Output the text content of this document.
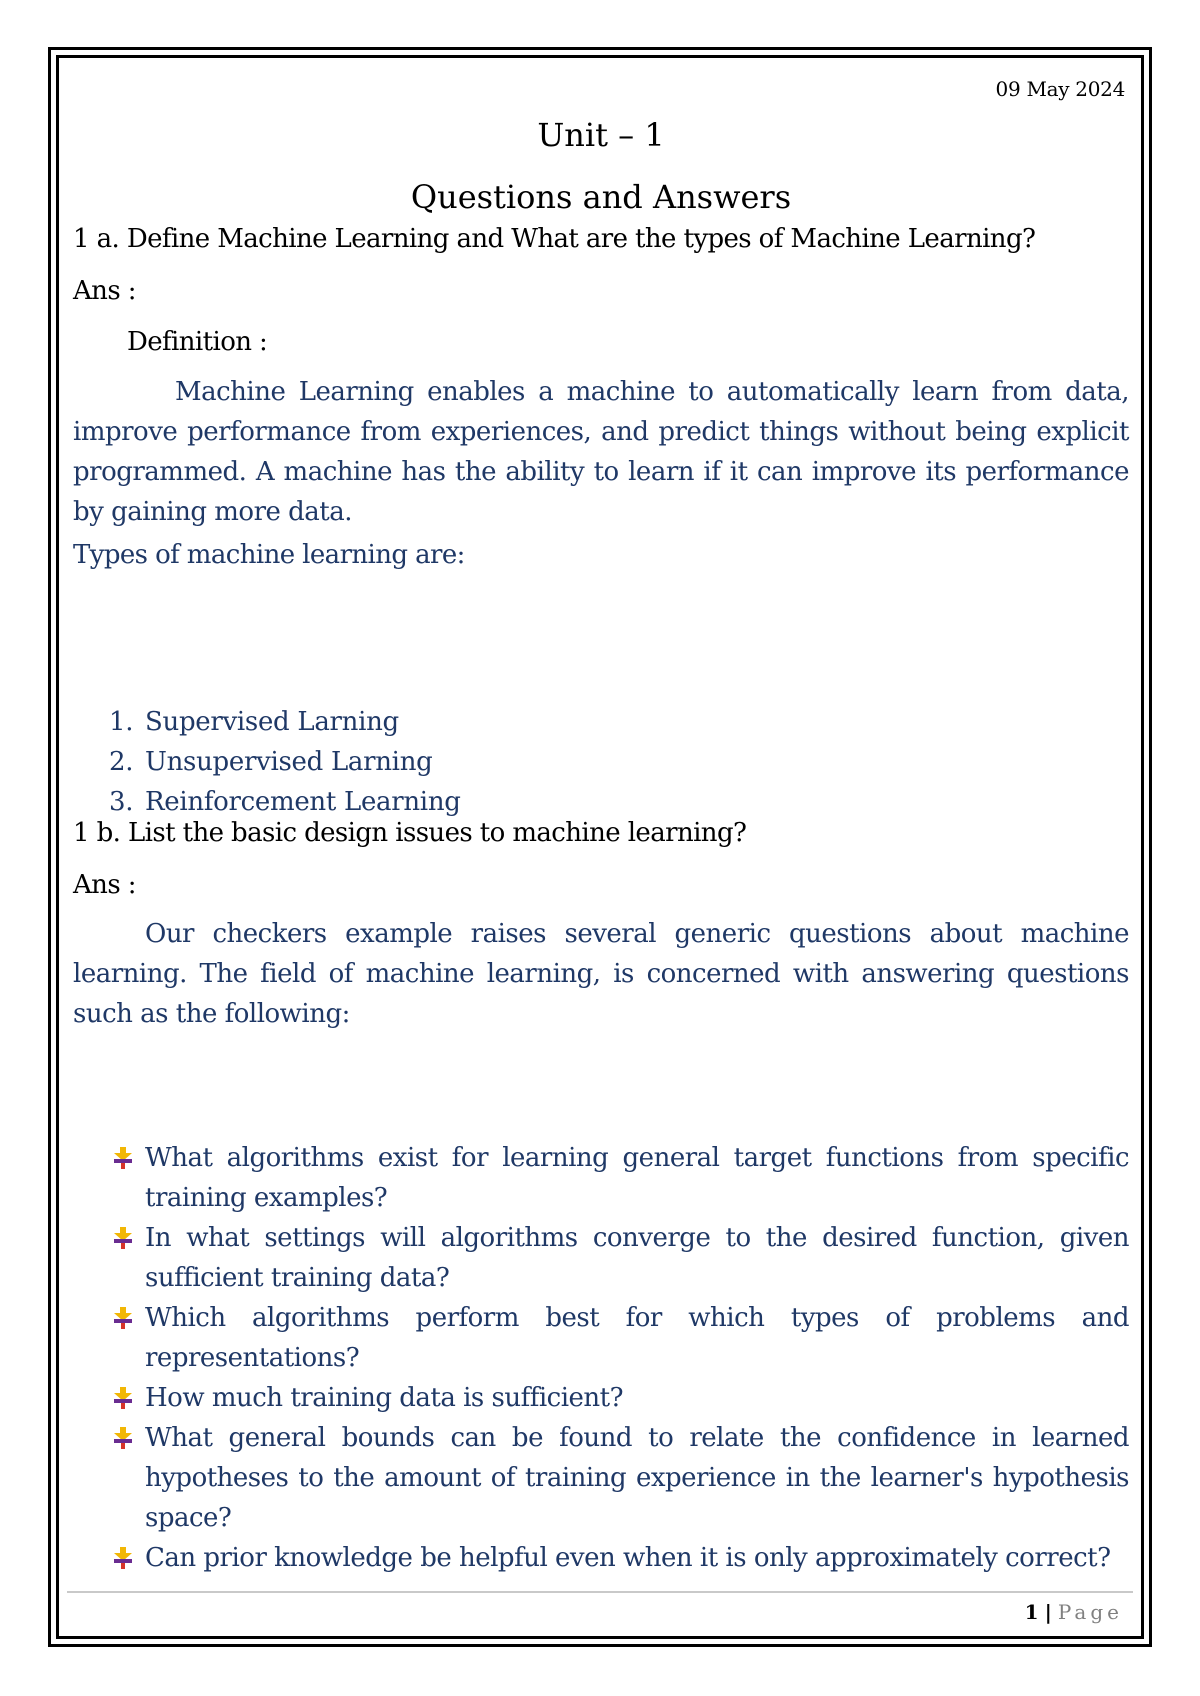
09 May 2024
Unit – 1
Questions and Answers
1 a. Define Machine Learning and What are the types of Machine Learning?
Ans :
Definition :
Machine Learning enables a machine to automatically learn from data, improve performance from experiences, and predict things without being explicit programmed. A machine has the ability to learn if it can improve its performance by gaining more data.
Types of machine learning are:
1. Supervised Larning
2. Unsupervised Larning
3. Reinforcement Learning
1 b. List the basic design issues to machine learning?
Ans :
Our checkers example raises several generic questions about machine learning. The field of machine learning, is concerned with answering questions such as the following:
What algorithms exist for learning general target functions from specific training examples?
In what settings will algorithms converge to the desired function, given sufficient training data?
Which algorithms perform best for which types of problems and representations?
How much training data is sufficient?
What general bounds can be found to relate the confidence in learned hypotheses to the amount of training experience in the learner's hypothesis space?
Can prior knowledge be helpful even when it is only approximately correct?
1 | Page
